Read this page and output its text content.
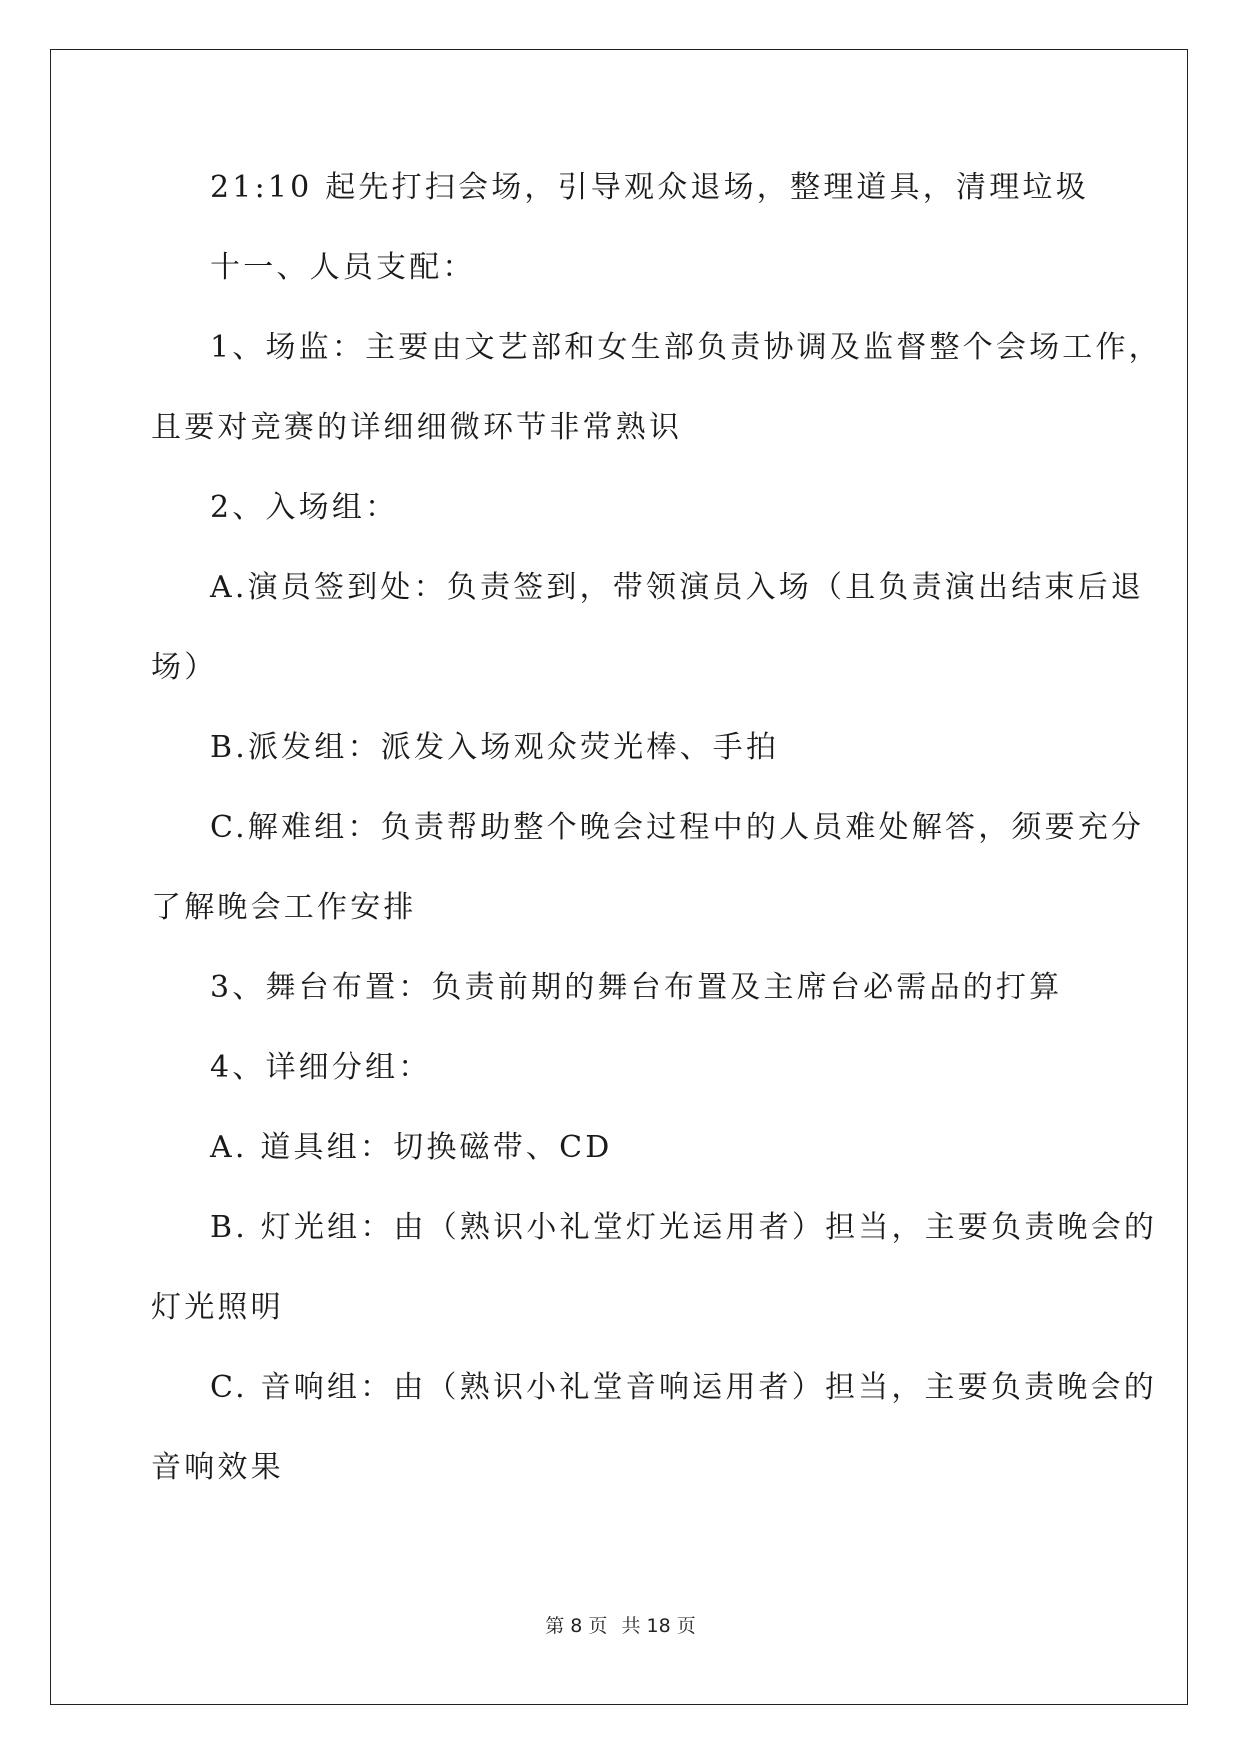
21:10 起先打扫会场，引导观众退场，整理道具，清理垃圾
十一、人员支配：
1、场监：主要由文艺部和女生部负责协调及监督整个会场工作，
且要对竞赛的详细细微环节非常熟识
2、入场组：
A.演员签到处：负责签到，带领演员入场（且负责演出结束后退
场）
B.派发组：派发入场观众荧光棒、手拍
C.解难组：负责帮助整个晚会过程中的人员难处解答，须要充分
了解晚会工作安排
3、舞台布置：负责前期的舞台布置及主席台必需品的打算
4、详细分组：
A. 道具组：切换磁带、CD
B. 灯光组：由（熟识小礼堂灯光运用者）担当，主要负责晚会的
灯光照明
C. 音响组：由（熟识小礼堂音响运用者）担当，主要负责晚会的
音响效果
第 8 页 共 18 页
